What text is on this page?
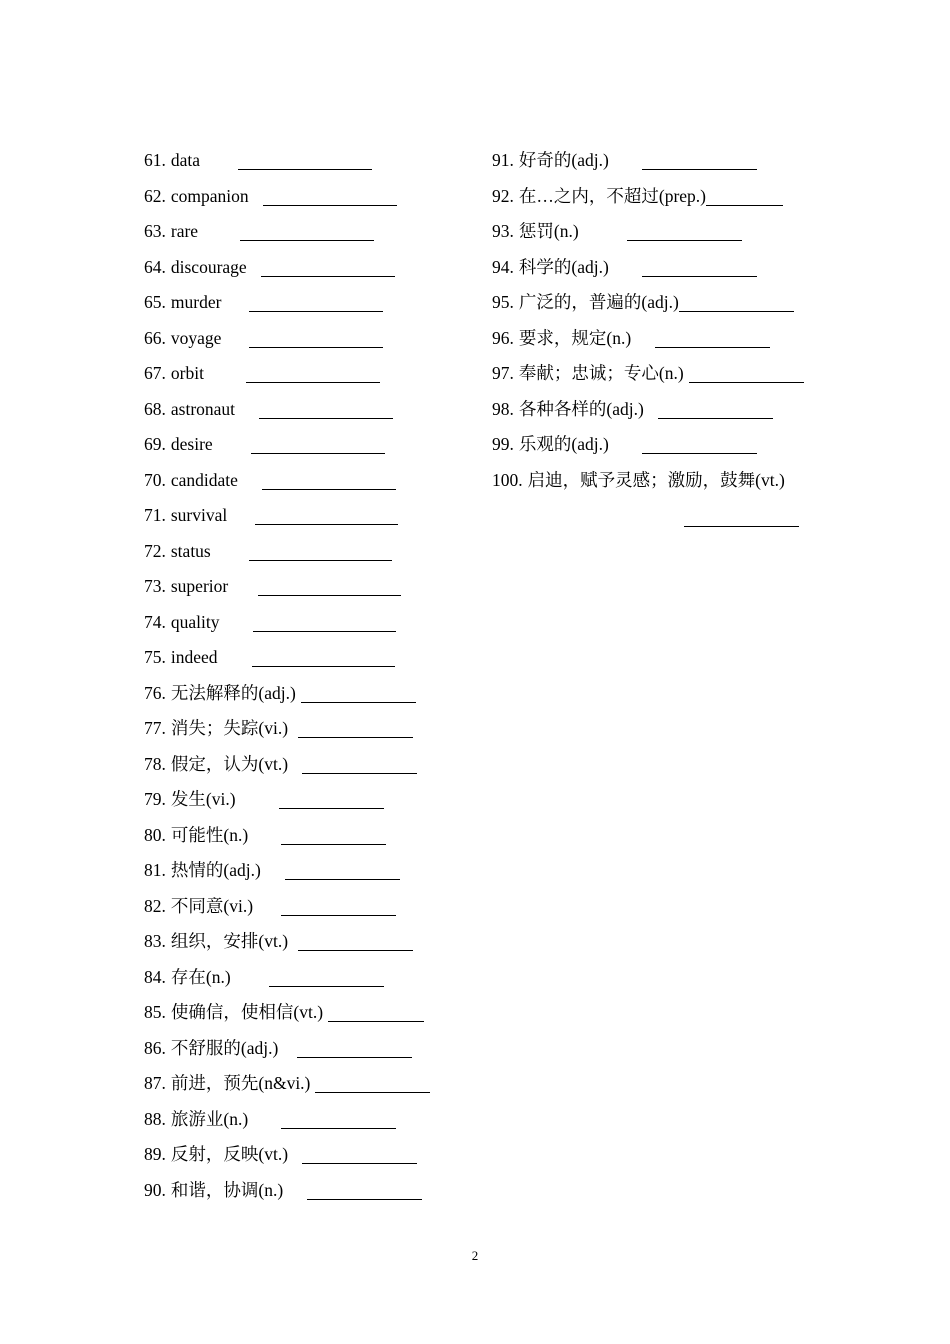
61. data
62. companion
63. rare
64. discourage
65. murder
66. voyage
67. orbit
68. astronaut
69. desire
70. candidate
71. survival
72. status
73. superior
74. quality
75. indeed
76. 无法解释的(adj.)
77. 消失；失踪(vi.)
78. 假定，认为(vt.)
79. 发生(vi.)
80. 可能性(n.)
81. 热情的(adj.)
82. 不同意(vi.)
83. 组织，安排(vt.)
84. 存在(n.)
85. 使确信，使相信(vt.)
86. 不舒服的(adj.)
87. 前进，预先(n&vi.)
88. 旅游业(n.)
89. 反射，反映(vt.)
90. 和谐，协调(n.)
91. 好奇的(adj.)
92. 在…之内，不超过(prep.)
93. 惩罚(n.)
94. 科学的(adj.)
95. 广泛的，普遍的(adj.)
96. 要求，规定(n.)
97. 奉献；忠诚；专心(n.)
98. 各种各样的(adj.)
99. 乐观的(adj.)
100. 启迪，赋予灵感；激励，鼓舞(vt.)
2
